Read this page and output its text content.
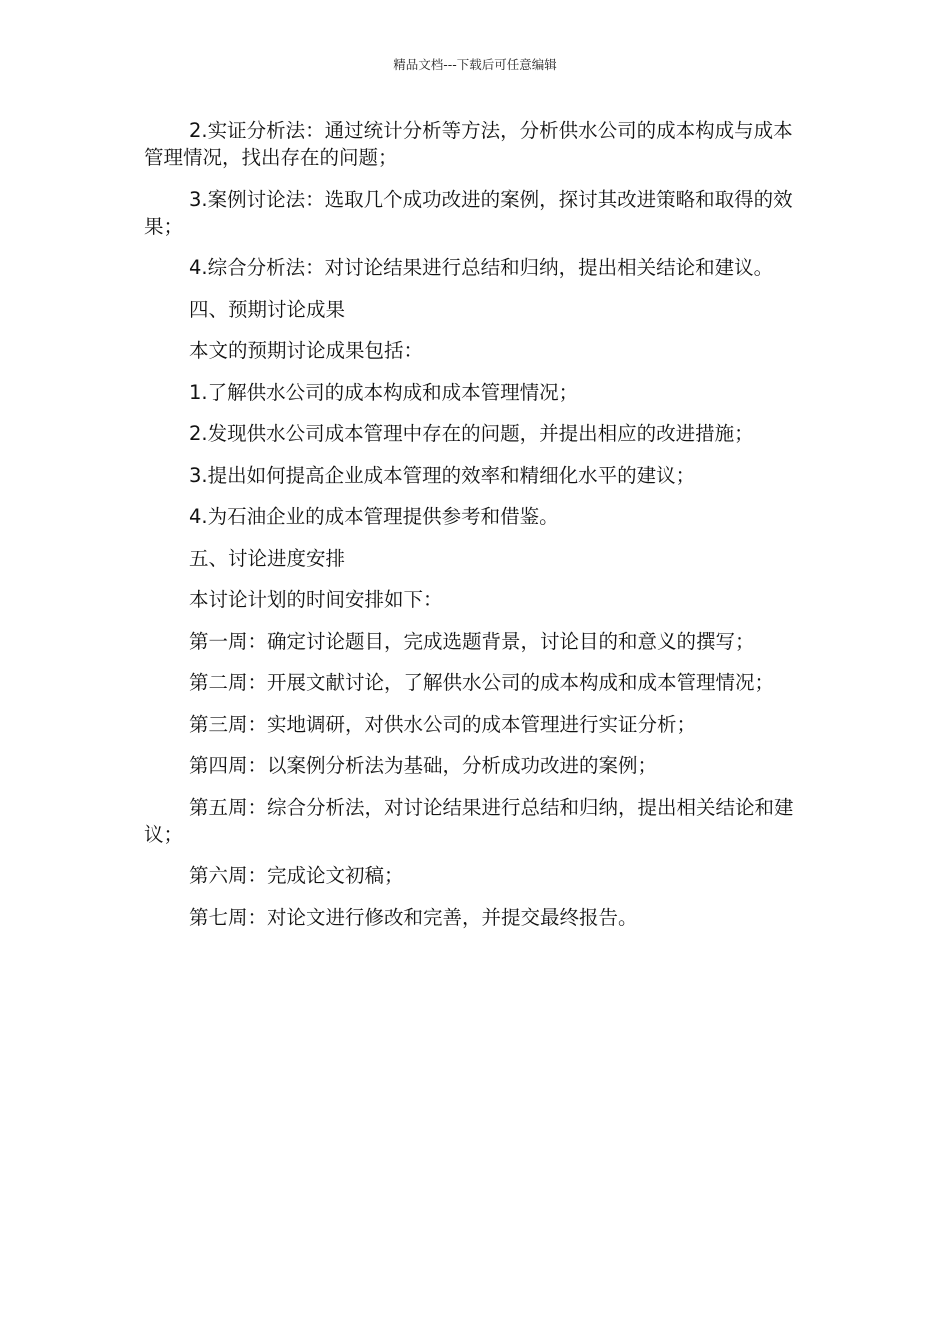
精品文档---下载后可任意编辑

2.实证分析法：通过统计分析等方法，分析供水公司的成本构成与成本管理情况，找出存在的问题；

3.案例讨论法：选取几个成功改进的案例，探讨其改进策略和取得的效果；

4.综合分析法：对讨论结果进行总结和归纳，提出相关结论和建议。

四、预期讨论成果

本文的预期讨论成果包括：

1.了解供水公司的成本构成和成本管理情况；

2.发现供水公司成本管理中存在的问题，并提出相应的改进措施；

3.提出如何提高企业成本管理的效率和精细化水平的建议；

4.为石油企业的成本管理提供参考和借鉴。

五、讨论进度安排

本讨论计划的时间安排如下：

第一周：确定讨论题目，完成选题背景，讨论目的和意义的撰写；

第二周：开展文献讨论，了解供水公司的成本构成和成本管理情况；

第三周：实地调研，对供水公司的成本管理进行实证分析；

第四周：以案例分析法为基础，分析成功改进的案例；

第五周：综合分析法，对讨论结果进行总结和归纳，提出相关结论和建议；

第六周：完成论文初稿；

第七周：对论文进行修改和完善，并提交最终报告。
